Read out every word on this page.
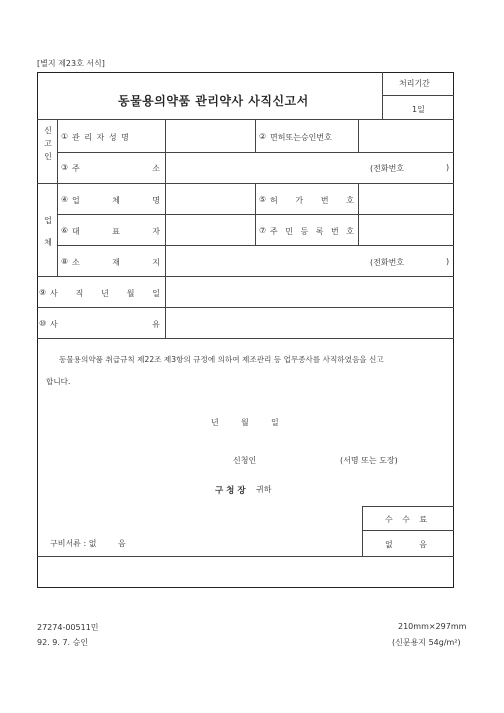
[별지 제23호 서식]
동물용의약품 관리약사 사직신고서
처리기간
1일
신
고
인
① 관 리 자 성 명	② 면허또는승인번호
③ 주	소	(전화번호	)
업
체
④ 업	체	명	⑤ 허 가 번 호
⑥ 대	표	자	⑦ 주 민 등 록 번 호
⑧ 소	재	지	(전화번호	)
⑨ 사 직 년 월 일
⑩ 사	유
동물용의약품 취급규칙 제22조 제3항의 규정에 의하여 제조관리 등 업무종사를 사직하였음을 신고
합니다.
년	월	일
신청인	(서명 또는 도장)
구 청 장 귀하
구비서류 : 없	음
수 수 료
없	음
27274-00511민
92. 9. 7. 승인
210mm×297mm
(신문용지 54g/m²)
